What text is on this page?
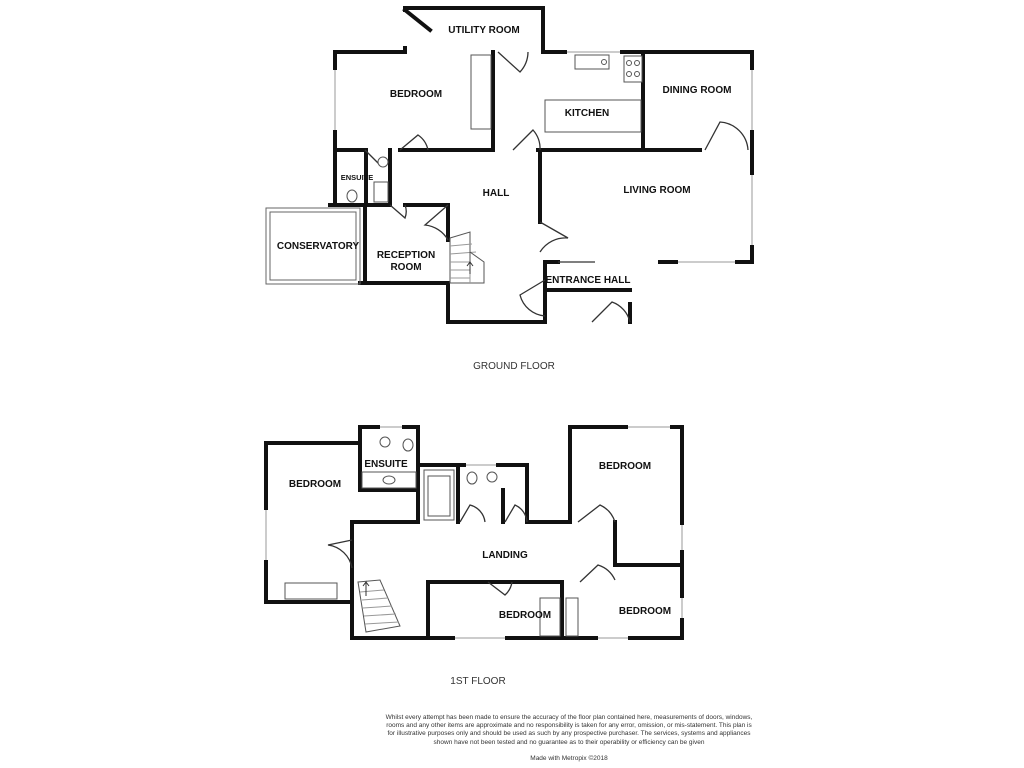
UTILITY ROOM
BEDROOM
KITCHEN
DINING ROOM
ENSUITE
HALL	LIVING ROOM
CONSERVATORY
RECEPTION
ROOM
ENTRANCE HALL
GROUND FLOOR
ENSUITE
BEDROOM
BEDROOM
LANDING
BEDROOM	BEDROOM
1ST FLOOR
Whilst every attempt has been made to ensure the accuracy of the floor plan contained here, measurements of doors, windows, rooms and any other items are approximate and no responsibility is taken for any error, omission, or mis-statement. This plan is for illustrative purposes only and should be used as such by any prospective purchaser. The services, systems and appliances shown have not been tested and no guarantee as to their operability or efficiency can be given
Made with Metropix ©2018
